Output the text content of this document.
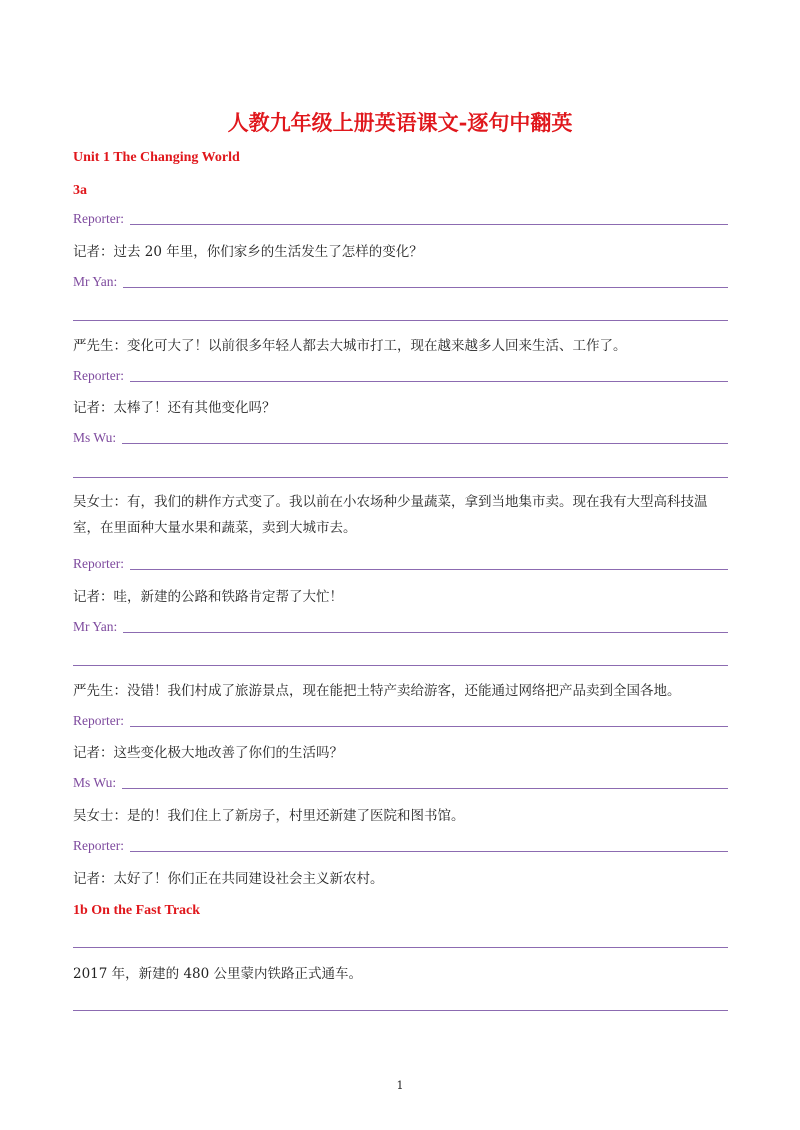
人教九年级上册英语课文-逐句中翻英
Unit 1 The Changing World
3a
Reporter:
记者：过去 20 年里，你们家乡的生活发生了怎样的变化？
Mr Yan:
严先生：变化可大了！以前很多年轻人都去大城市打工，现在越来越多人回来生活、工作了。
Reporter:
记者：太棒了！还有其他变化吗？
Ms Wu:
吴女士：有，我们的耕作方式变了。我以前在小农场种少量蔬菜，拿到当地集市卖。现在我有大型高科技温室，在里面种大量水果和蔬菜，卖到大城市去。
Reporter:
记者：哇，新建的公路和铁路肯定帮了大忙！
Mr Yan:
严先生：没错！我们村成了旅游景点，现在能把土特产卖给游客，还能通过网络把产品卖到全国各地。
Reporter:
记者：这些变化极大地改善了你们的生活吗？
Ms Wu:
吴女士：是的！我们住上了新房子，村里还新建了医院和图书馆。
Reporter:
记者：太好了！你们正在共同建设社会主义新农村。
1b On the Fast Track
2017 年，新建的 480 公里蒙内铁路正式通车。
1
